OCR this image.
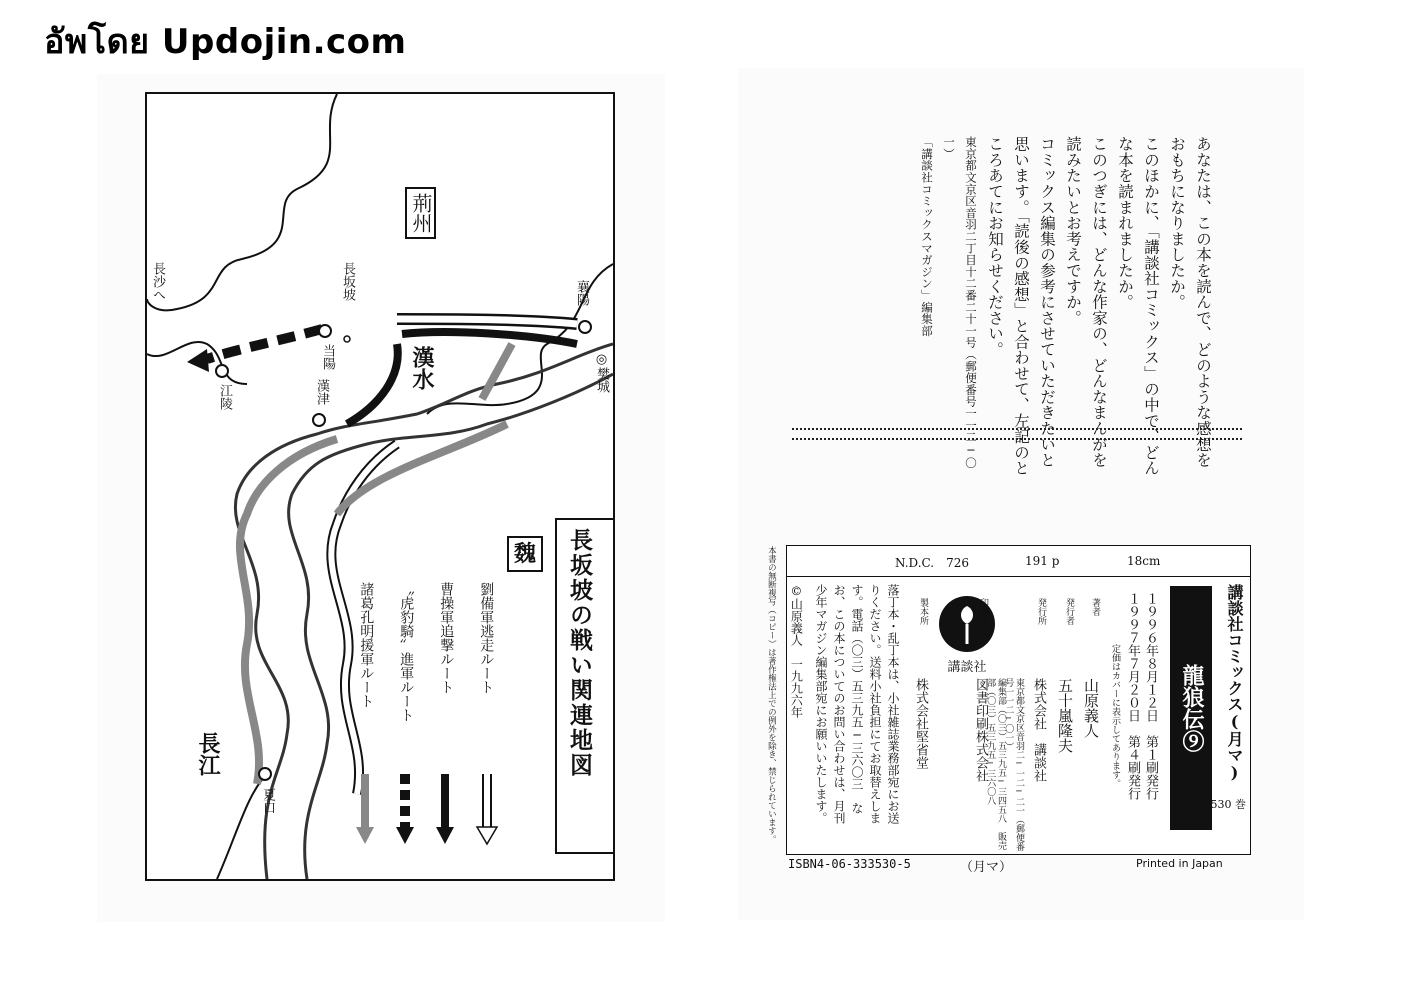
อัพโดย Updojin.com
荊州
襄陽
◎樊城
長坂坡
当陽
江陵	漢津
夏口
長沙へ
漢水
長江	長坂坡の戦い関連地図
魏
劉備軍逃走ルート
曹操軍追撃ルート
〝虎豹騎〟進軍ルート
諸葛孔明援軍ルート
あなたは、この本を読んで、どのような感想をおもちになりましたか。
このほかに、「講談社コミックス」の中で、どんな本を読まれましたか。
このつぎには、どんな作家の、どんなまんがを読みたいとお考えですか。
コミックス編集の参考にさせていただきたいと思います。「読後の感想」と合わせて、左記のところあてにお知らせください。
東京都文京区音羽二丁目十二番二十一号（郵便番号一一二─〇一）
「講談社コミックスマガジン」編集部
本書の無断複写（コピー）は著作権法上での例外を除き、禁じられています。	N.D.C.　726	191 p	18cm
講談社コミックス(月マ)
龍狼伝⑨
530 巻
１９９６年８月１２日　第１刷発行
１９９７年７月２０日　第４刷発行
定価はカバーに表示してあります。
著者
山原義人
発行者
五十嵐隆夫
発行所
株式会社　講談社
東京都文京区音羽二─一二─二一（郵便番号一一二─〇一）
編集部（〇三）五三九五─三四五八　販売部（〇三）五三九五─三六〇八
講談社
印刷所
図書印刷株式会社
製本所
株式会社堅省堂
落丁本・乱丁本は、小社雑誌業務部宛にお送りください。送料小社負担にてお取替えします。電話（〇三）五三九五─三六〇三　なお、この本についてのお問い合わせは、月刊少年マガジン編集部宛にお願いいたします。
©山原義人　一九九六年
ISBN4-06-333530-5	（月マ）	Printed in Japan
